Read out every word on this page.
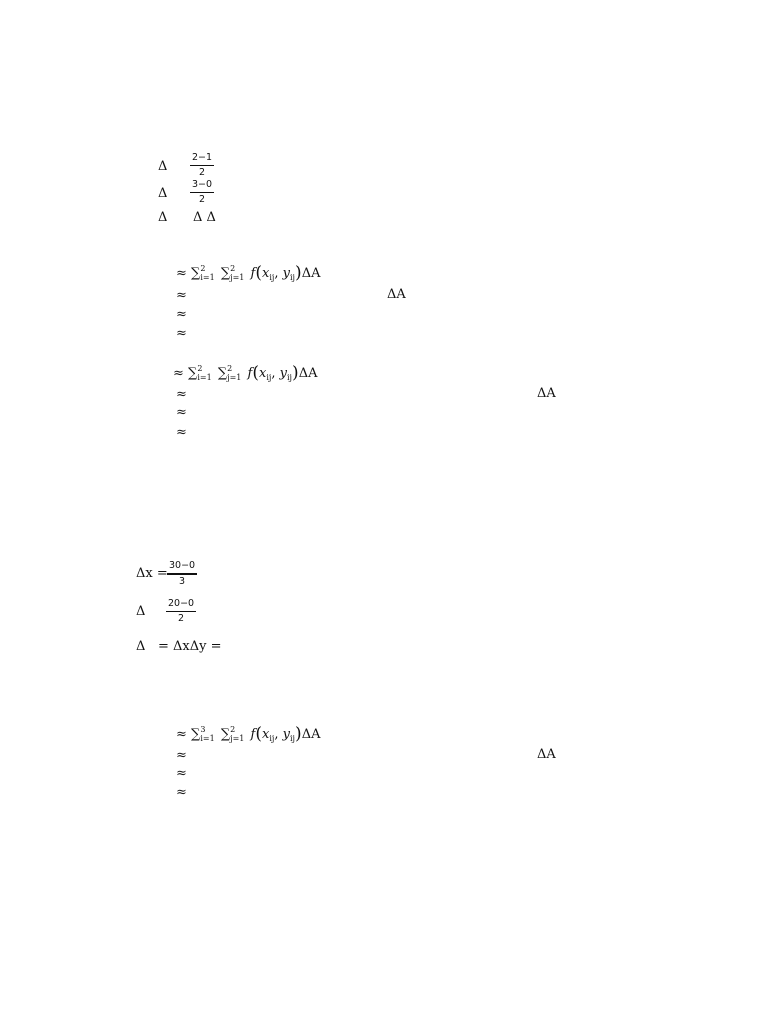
Δ $\frac{2-1}{2}$
Δ $\frac{3-0}{2}$
Δ Δ Δ
≈ ∑ 2
i=1 ∑ 2
j=1 $f(x_{ij}$, $y_{ij})\Delta A$
≈	ΔA
≈
≈
≈ ∑ 2
i=1 ∑ 2
j=1 $f(x_{ij}$, $y_{ij})\Delta A$
≈	ΔA
≈
≈
$\Delta x = \frac{30-0}{3}$
Δ $\frac{20-0}{2}$
Δ = ΔxΔy =
≈ ∑ 3
i=1 ∑ 2
j=1 $f(x_{ij}$, $y_{ij})\Delta A$
≈	ΔA
≈
≈
